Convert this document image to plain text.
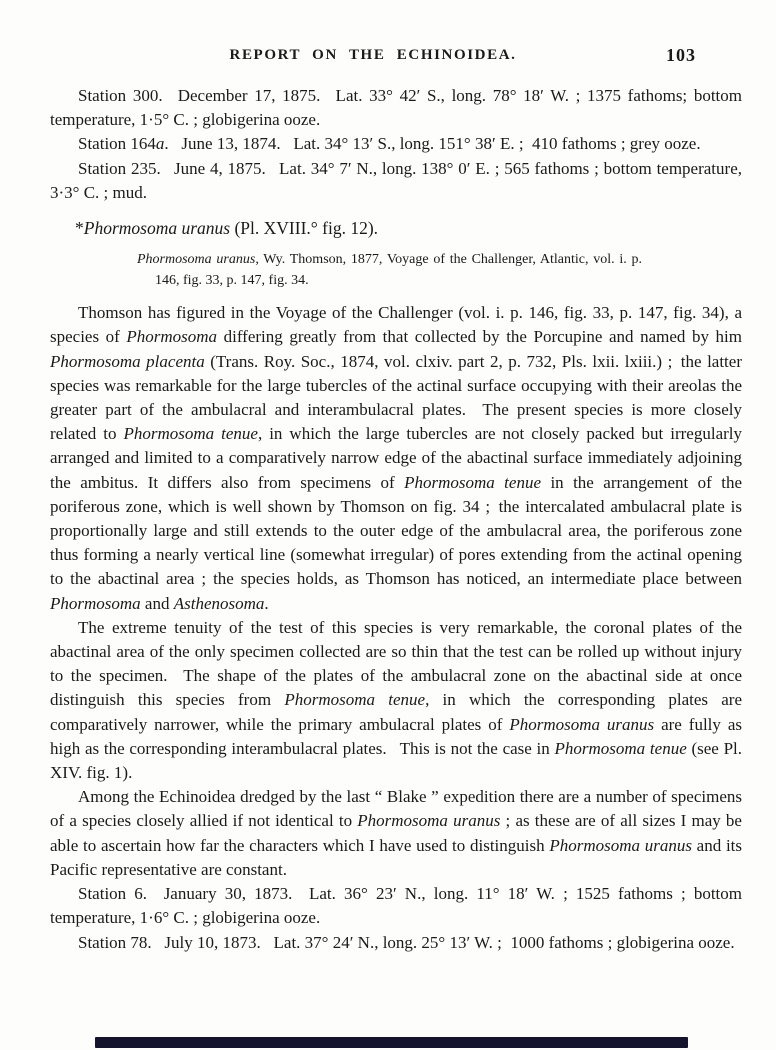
REPORT ON THE ECHINOIDEA.	103

Station 300.  December 17, 1875.  Lat. 33° 42′ S., long. 78° 18′ W. ; 1375 fathoms; bottom temperature, 1·5° C. ; globigerina ooze.

Station 164a.  June 13, 1874.  Lat. 34° 13′ S., long. 151° 38′ E. ; 410 fathoms ; grey ooze.

Station 235.  June 4, 1875.  Lat. 34° 7′ N., long. 138° 0′ E. ; 565 fathoms ; bottom temperature, 3·3° C. ; mud.

*Phormosoma uranus (Pl. XVIII.° fig. 12).

Phormosoma uranus, Wy. Thomson, 1877, Voyage of the Challenger, Atlantic, vol. i. p. 146, fig. 33, p. 147, fig. 34.

Thomson has figured in the Voyage of the Challenger (vol. i. p. 146, fig. 33, p. 147, fig. 34), a species of Phormosoma differing greatly from that collected by the Porcupine and named by him Phormosoma placenta (Trans. Roy. Soc., 1874, vol. clxiv. part 2, p. 732, Pls. lxii. lxiii.) ; the latter species was remarkable for the large tubercles of the actinal surface occupying with their areolas the greater part of the ambulacral and interambulacral plates.  The present species is more closely related to Phormosoma tenue, in which the large tubercles are not closely packed but irregularly arranged and limited to a comparatively narrow edge of the abactinal surface immediately adjoining the ambitus. It differs also from specimens of Phormosoma tenue in the arrangement of the poriferous zone, which is well shown by Thomson on fig. 34 ; the intercalated ambulacral plate is proportionally large and still extends to the outer edge of the ambulacral area, the poriferous zone thus forming a nearly vertical line (somewhat irregular) of pores extending from the actinal opening to the abactinal area ; the species holds, as Thomson has noticed, an intermediate place between Phormosoma and Asthenosoma.

The extreme tenuity of the test of this species is very remarkable, the coronal plates of the abactinal area of the only specimen collected are so thin that the test can be rolled up without injury to the specimen.  The shape of the plates of the ambulacral zone on the abactinal side at once distinguish this species from Phormosoma tenue, in which the corresponding plates are comparatively narrower, while the primary ambulacral plates of Phormosoma uranus are fully as high as the corresponding interambulacral plates.  This is not the case in Phormosoma tenue (see Pl. XIV. fig. 1).

Among the Echinoidea dredged by the last “ Blake ” expedition there are a number of specimens of a species closely allied if not identical to Phormosoma uranus ; as these are of all sizes I may be able to ascertain how far the characters which I have used to distinguish Phormosoma uranus and its Pacific representative are constant.

Station 6.  January 30, 1873.  Lat. 36° 23′ N., long. 11° 18′ W. ; 1525 fathoms ; bottom temperature, 1·6° C. ; globigerina ooze.

Station 78.  July 10, 1873.  Lat. 37° 24′ N., long. 25° 13′ W. ; 1000 fathoms ; globigerina ooze.
